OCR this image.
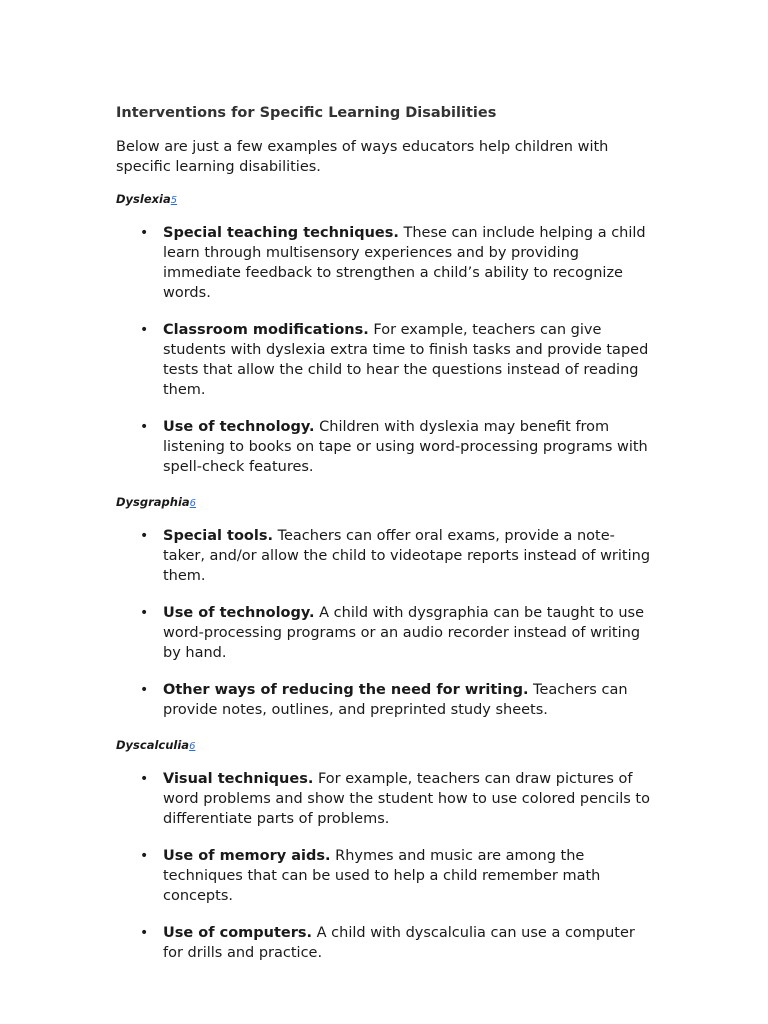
Interventions for Specific Learning Disabilities
Below are just a few examples of ways educators help children with specific learning disabilities.
Dyslexia5
• Special teaching techniques. These can include helping a child learn through multisensory experiences and by providing immediate feedback to strengthen a child’s ability to recognize words.
• Classroom modifications. For example, teachers can give students with dyslexia extra time to finish tasks and provide taped tests that allow the child to hear the questions instead of reading them.
• Use of technology. Children with dyslexia may benefit from listening to books on tape or using word-processing programs with spell-check features.
Dysgraphia6
• Special tools. Teachers can offer oral exams, provide a note-taker, and/or allow the child to videotape reports instead of writing them.
• Use of technology. A child with dysgraphia can be taught to use word-processing programs or an audio recorder instead of writing by hand.
• Other ways of reducing the need for writing. Teachers can provide notes, outlines, and preprinted study sheets.
Dyscalculia6
• Visual techniques. For example, teachers can draw pictures of word problems and show the student how to use colored pencils to differentiate parts of problems.
• Use of memory aids. Rhymes and music are among the techniques that can be used to help a child remember math concepts.
• Use of computers. A child with dyscalculia can use a computer for drills and practice.
